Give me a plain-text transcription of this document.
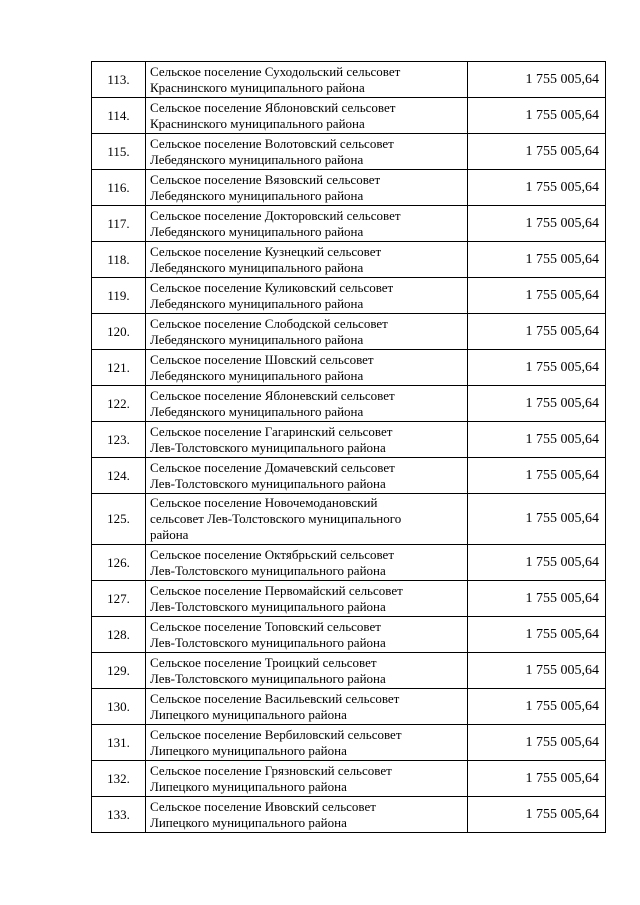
113.	Сельское поселение Суходольский сельсовет
Краснинского муниципального района	1 755 005,64
114.	Сельское поселение Яблоновский сельсовет
Краснинского муниципального района	1 755 005,64
115.	Сельское поселение Волотовский сельсовет
Лебедянского муниципального района	1 755 005,64
116.	Сельское поселение Вязовский сельсовет
Лебедянского муниципального района	1 755 005,64
117.	Сельское поселение Докторовский сельсовет
Лебедянского муниципального района	1 755 005,64
118.	Сельское поселение Кузнецкий сельсовет
Лебедянского муниципального района	1 755 005,64
119.	Сельское поселение Куликовский сельсовет
Лебедянского муниципального района	1 755 005,64
120.	Сельское поселение Слободской сельсовет
Лебедянского муниципального района	1 755 005,64
121.	Сельское поселение Шовский сельсовет
Лебедянского муниципального района	1 755 005,64
122.	Сельское поселение Яблоневский сельсовет
Лебедянского муниципального района	1 755 005,64
123.	Сельское поселение Гагаринский сельсовет
Лев-Толстовского муниципального района	1 755 005,64
124.	Сельское поселение Домачевский сельсовет
Лев-Толстовского муниципального района	1 755 005,64
125.	Сельское поселение Новочемодановский
сельсовет Лев-Толстовского муниципального
района	1 755 005,64
126.	Сельское поселение Октябрьский сельсовет
Лев-Толстовского муниципального района	1 755 005,64
127.	Сельское поселение Первомайский сельсовет
Лев-Толстовского муниципального района	1 755 005,64
128.	Сельское поселение Топовский сельсовет
Лев-Толстовского муниципального района	1 755 005,64
129.	Сельское поселение Троицкий сельсовет
Лев-Толстовского муниципального района	1 755 005,64
130.	Сельское поселение Васильевский сельсовет
Липецкого муниципального района	1 755 005,64
131.	Сельское поселение Вербиловский сельсовет
Липецкого муниципального района	1 755 005,64
132.	Сельское поселение Грязновский сельсовет
Липецкого муниципального района	1 755 005,64
133.	Сельское поселение Ивовский сельсовет
Липецкого муниципального района	1 755 005,64
